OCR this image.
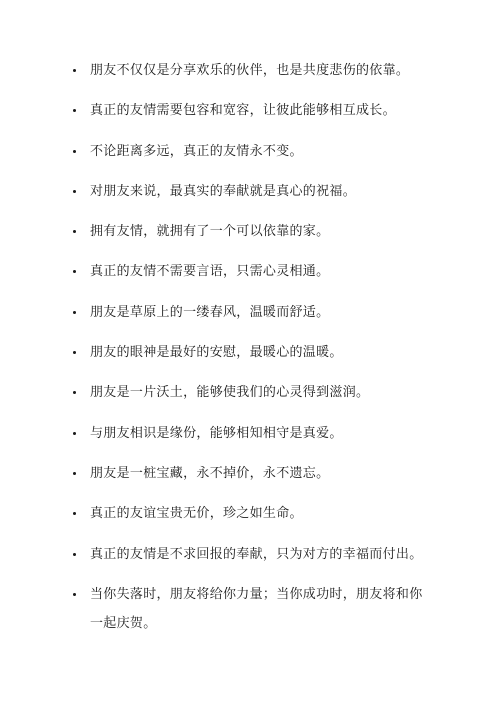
朋友不仅仅是分享欢乐的伙伴，也是共度悲伤的依靠。
真正的友情需要包容和宽容，让彼此能够相互成长。
不论距离多远，真正的友情永不变。
对朋友来说，最真实的奉献就是真心的祝福。
拥有友情，就拥有了一个可以依靠的家。
真正的友情不需要言语，只需心灵相通。
朋友是草原上的一缕春风，温暖而舒适。
朋友的眼神是最好的安慰，最暖心的温暖。
朋友是一片沃土，能够使我们的心灵得到滋润。
与朋友相识是缘份，能够相知相守是真爱。
朋友是一桩宝藏，永不掉价，永不遗忘。
真正的友谊宝贵无价，珍之如生命。
真正的友情是不求回报的奉献，只为对方的幸福而付出。
当你失落时，朋友将给你力量；当你成功时，朋友将和你一起庆贺。
